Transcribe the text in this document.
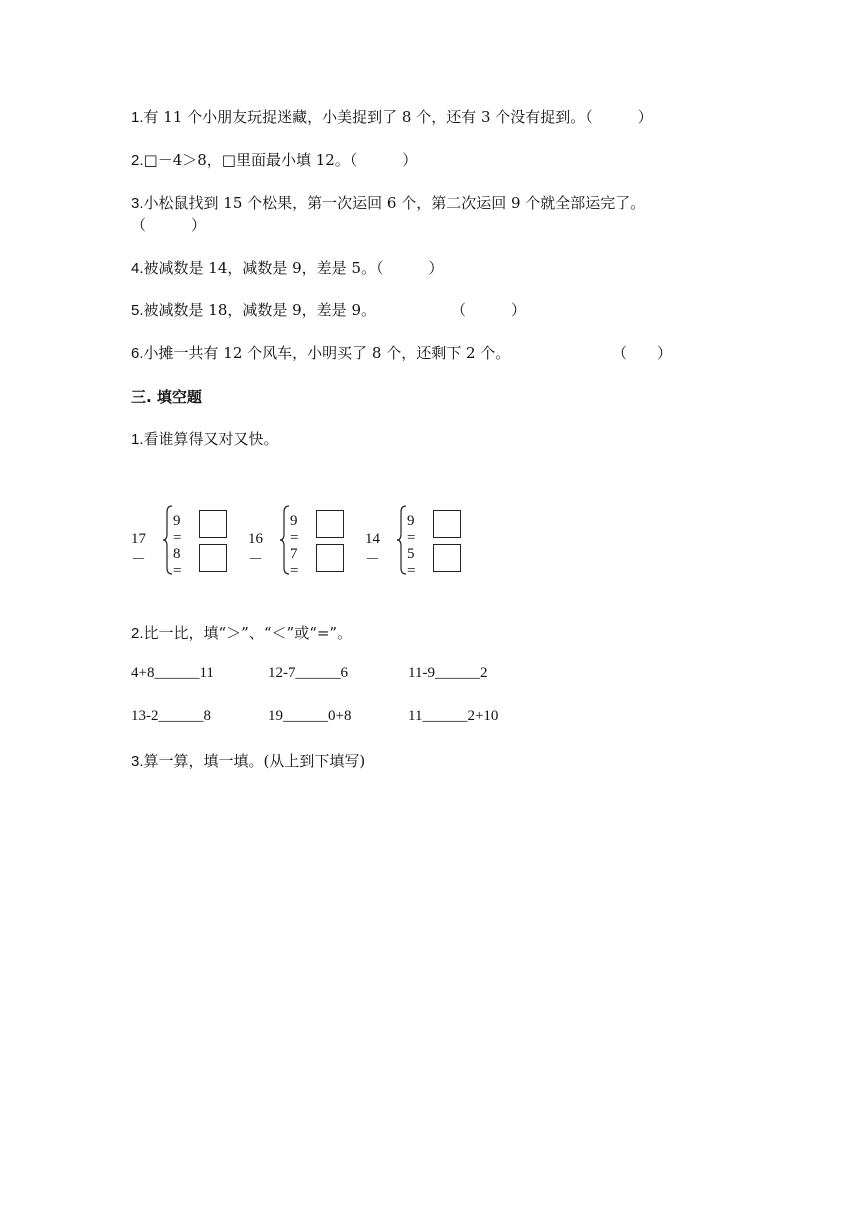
1.有 11 个小朋友玩捉迷藏，小美捉到了 8 个，还有 3 个没有捉到。（　　　）
2.□－4＞8，□里面最小填 12。（　　　）
3.小松鼠找到 15 个松果，第一次运回 6 个，第二次运回 9 个就全部运完了。
（　　　）
4.被减数是 14，减数是 9，差是 5。（　　　）
5.被减数是 18，减数是 9，差是 9。	（　　　）
6.小摊一共有 12 个风车，小明买了 8 个，还剩下 2 个。	（　　）
三. 填空题
1.看谁算得又对又快。
17－
9 =
8 =
16－
9 =
7 =
14－
9 =
5 =
2.比一比，填“＞”、“＜”或“=”。
4+8______11	12-7______6	11-9______2
13-2______8	19______0+8	11______2+10
3.算一算，填一填。(从上到下填写)
